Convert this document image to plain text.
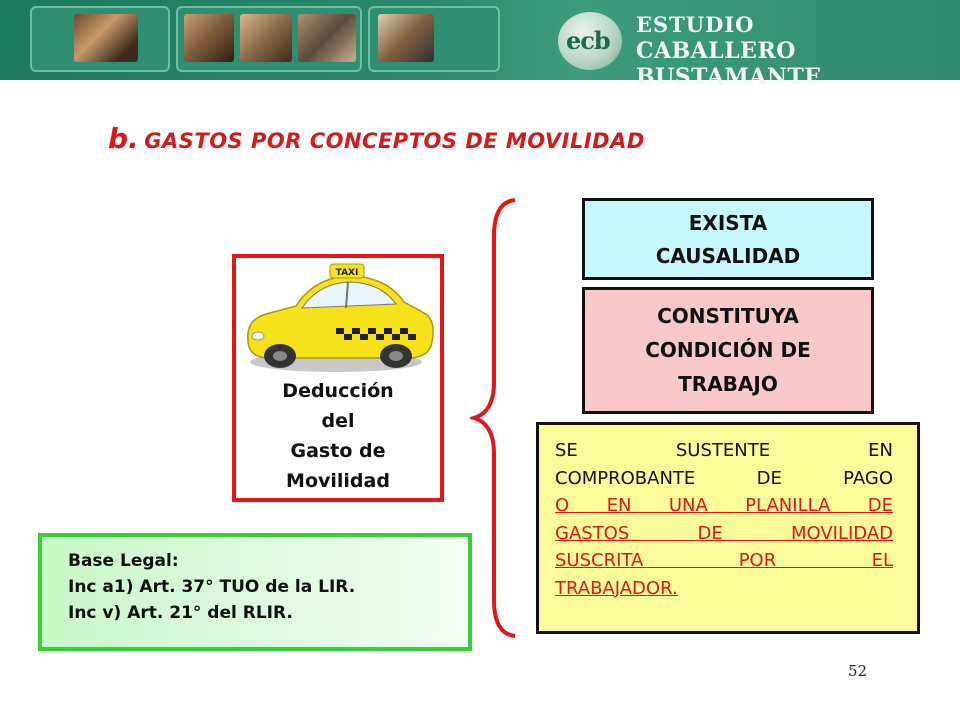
ecb
ESTUDIO
CABALLERO BUSTAMANTE
b. GASTOS POR CONCEPTOS DE MOVILIDAD
TAXI
Deducción
del
Gasto de
Movilidad
Base Legal:
Inc a1) Art. 37° TUO de la LIR.
Inc v) Art. 21° del RLIR.
EXISTA
CAUSALIDAD
CONSTITUYA
CONDICIÓN DE
TRABAJO
SE SUSTENTE EN
COMPROBANTE DE PAGO
O EN UNA PLANILLA DE
GASTOS DE MOVILIDAD
SUSCRITA POR EL
TRABAJADOR.
52
